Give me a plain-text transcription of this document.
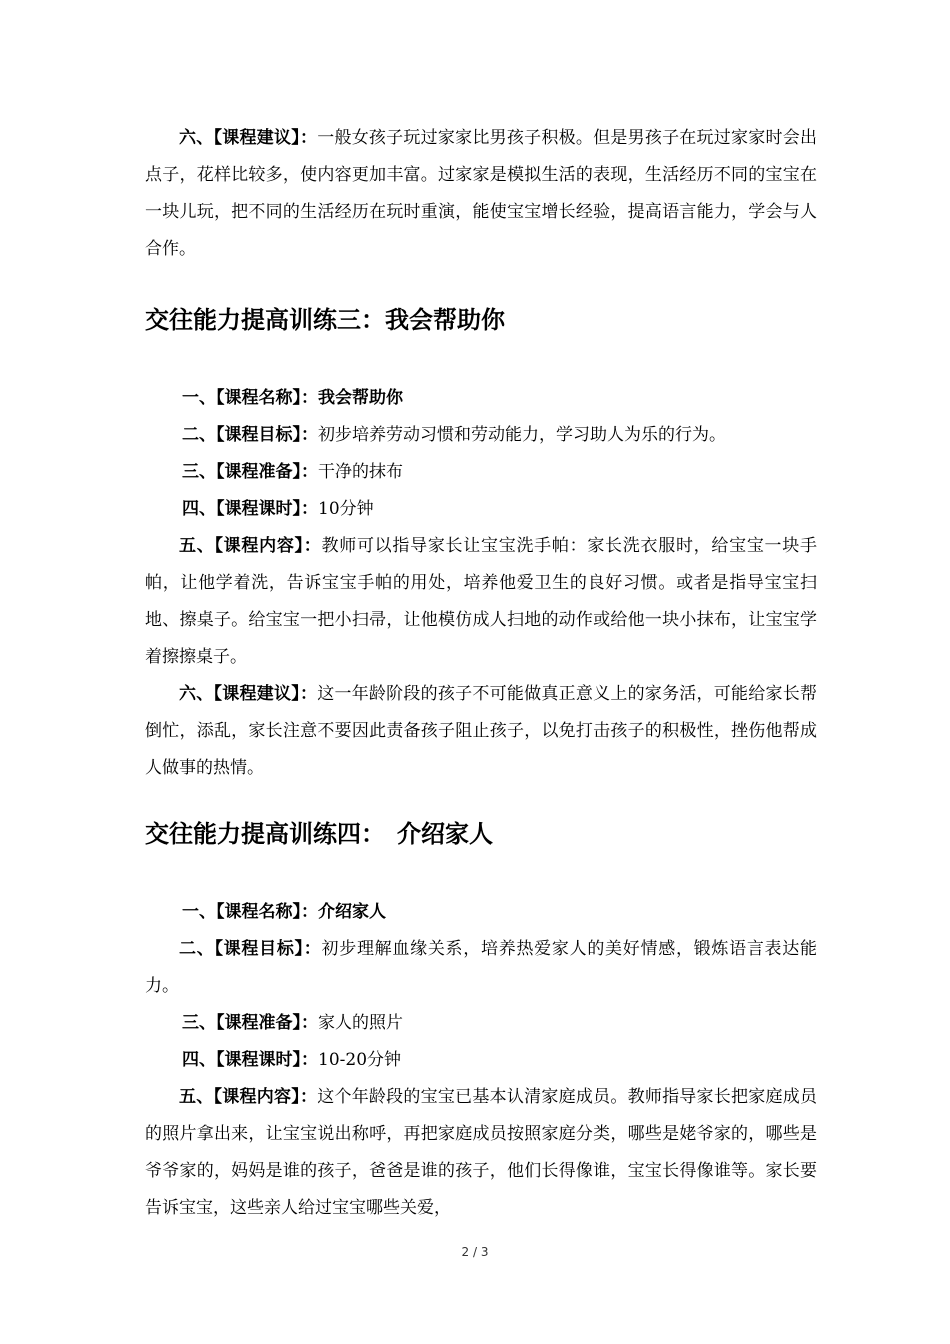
六、【课程建议】：一般女孩子玩过家家比男孩子积极。但是男孩子在玩过家家时会出点子，花样比较多，使内容更加丰富。过家家是模拟生活的表现，生活经历不同的宝宝在一块儿玩，把不同的生活经历在玩时重演，能使宝宝增长经验，提高语言能力，学会与人合作。

交往能力提高训练三：我会帮助你

一、【课程名称】：我会帮助你

二、【课程目标】：初步培养劳动习惯和劳动能力，学习助人为乐的行为。

三、【课程准备】：干净的抹布

四、【课程课时】：10分钟

五、【课程内容】：教师可以指导家长让宝宝洗手帕：家长洗衣服时，给宝宝一块手帕，让他学着洗，告诉宝宝手帕的用处，培养他爱卫生的良好习惯。或者是指导宝宝扫地、擦桌子。给宝宝一把小扫帚，让他模仿成人扫地的动作或给他一块小抹布，让宝宝学着擦擦桌子。

六、【课程建议】：这一年龄阶段的孩子不可能做真正意义上的家务活，可能给家长帮倒忙，添乱，家长注意不要因此责备孩子阻止孩子，以免打击孩子的积极性，挫伤他帮成人做事的热情。

交往能力提高训练四：　介绍家人

一、【课程名称】：介绍家人

二、【课程目标】：初步理解血缘关系，培养热爱家人的美好情感，锻炼语言表达能力。

三、【课程准备】：家人的照片

四、【课程课时】：10-20分钟

五、【课程内容】：这个年龄段的宝宝已基本认清家庭成员。教师指导家长把家庭成员的照片拿出来，让宝宝说出称呼，再把家庭成员按照家庭分类，哪些是姥爷家的，哪些是爷爷家的，妈妈是谁的孩子，爸爸是谁的孩子，他们长得像谁，宝宝长得像谁等。家长要告诉宝宝，这些亲人给过宝宝哪些关爱，

2 / 3
